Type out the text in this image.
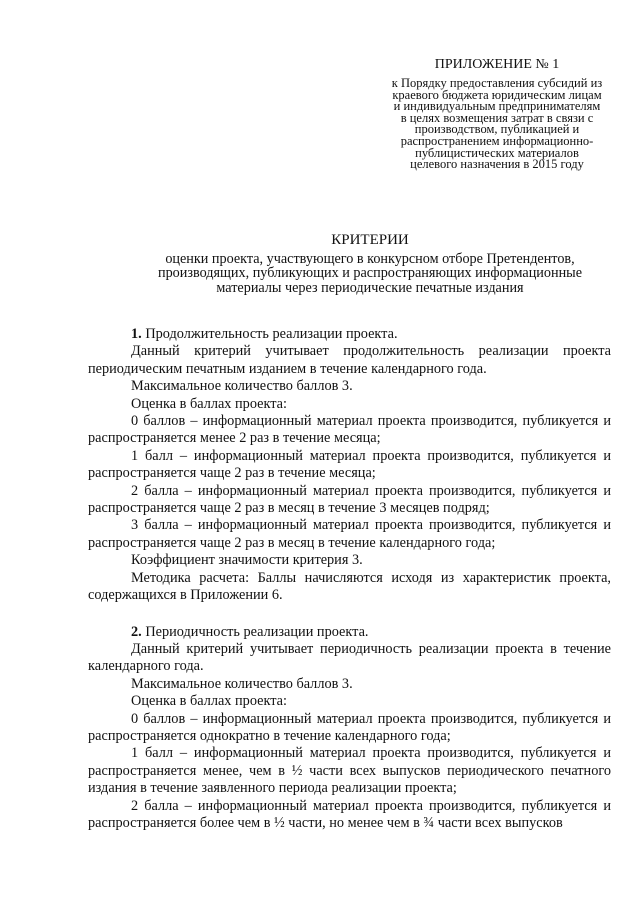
ПРИЛОЖЕНИЕ № 1
к Порядку предоставления субсидий из
краевого бюджета юридическим лицам
и индивидуальным предпринимателям
в целях возмещения затрат в связи с
производством, публикацией и
распространением информационно-
публицистических материалов
целевого назначения в 2015 году
КРИТЕРИИ
оценки проекта, участвующего в конкурсном отборе Претендентов,
производящих, публикующих и распространяющих информационные
материалы через периодические печатные издания
1. Продолжительность реализации проекта.

Данный критерий учитывает продолжительность реализации проекта периодическим печатным изданием в течение календарного года.

Максимальное количество баллов 3.

Оценка в баллах проекта:

0 баллов – информационный материал проекта производится, публикуется и распространяется менее 2 раз в течение месяца;

1 балл – информационный материал проекта производится, публикуется и распространяется чаще 2 раз в течение месяца;

2 балла – информационный материал проекта производится, публикуется и распространяется чаще 2 раз в месяц в течение 3 месяцев подряд;

3 балла – информационный материал проекта производится, публикуется и распространяется чаще 2 раз в месяц в течение календарного года;

Коэффициент значимости критерия 3.

Методика расчета: Баллы начисляются исходя из характеристик проекта, содержащихся в Приложении 6.

2. Периодичность реализации проекта.

Данный критерий учитывает периодичность реализации проекта в течение календарного года.

Максимальное количество баллов 3.

Оценка в баллах проекта:

0 баллов – информационный материал проекта производится, публикуется и распространяется однократно в течение календарного года;

1 балл – информационный материал проекта производится, публикуется и распространяется менее, чем в ½ части всех выпусков периодического печатного издания в течение заявленного периода реализации проекта;

2 балла – информационный материал проекта производится, публикуется и распространяется более чем в ½ части, но менее чем в ¾ части всех выпусков
